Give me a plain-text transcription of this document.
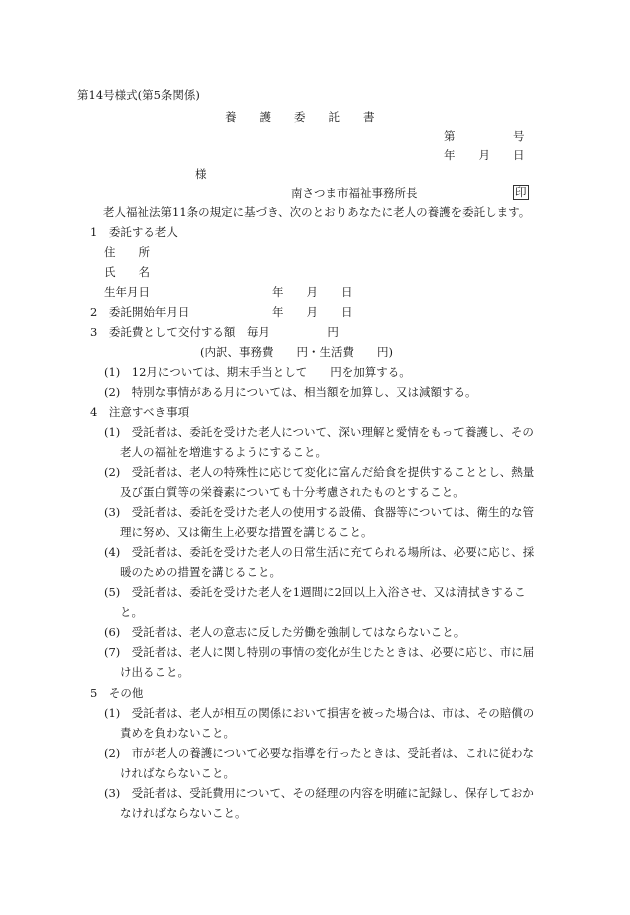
第14号様式(第5条関係)
養　　護　　委　　託　　書
第　　　　　号
年　　月　　日
様
南さつま市福祉事務所長	印
老人福祉法第11条の規定に基づき、次のとおりあなたに老人の養護を委託します。
1　委託する老人
住　　所
氏　　名
生年月日	年　　月　　日
2　委託開始年月日	年　　月　　日
3　委託費として交付する額　毎月　　　　　円
(内訳、事務費　　円・生活費　　円)
(1)　12月については、期末手当として　　円を加算する。
(2)　特別な事情がある月については、相当額を加算し、又は減額する。
4　注意すべき事項
(1)　受託者は、委託を受けた老人について、深い理解と愛情をもって養護し、その
老人の福祉を増進するようにすること。
(2)　受託者は、老人の特殊性に応じて変化に富んだ給食を提供することとし、熱量
及び蛋白質等の栄養素についても十分考慮されたものとすること。
(3)　受託者は、委託を受けた老人の使用する設備、食器等については、衛生的な管
理に努め、又は衛生上必要な措置を講じること。
(4)　受託者は、委託を受けた老人の日常生活に充てられる場所は、必要に応じ、採
暖のための措置を講じること。
(5)　受託者は、委託を受けた老人を1週間に2回以上入浴させ、又は清拭きするこ
と。
(6)　受託者は、老人の意志に反した労働を強制してはならないこと。
(7)　受託者は、老人に関し特別の事情の変化が生じたときは、必要に応じ、市に届
け出ること。
5　その他
(1)　受託者は、老人が相互の関係において損害を被った場合は、市は、その賠償の
責めを負わないこと。
(2)　市が老人の養護について必要な指導を行ったときは、受託者は、これに従わな
ければならないこと。
(3)　受託者は、受託費用について、その経理の内容を明確に記録し、保存しておか
なければならないこと。
